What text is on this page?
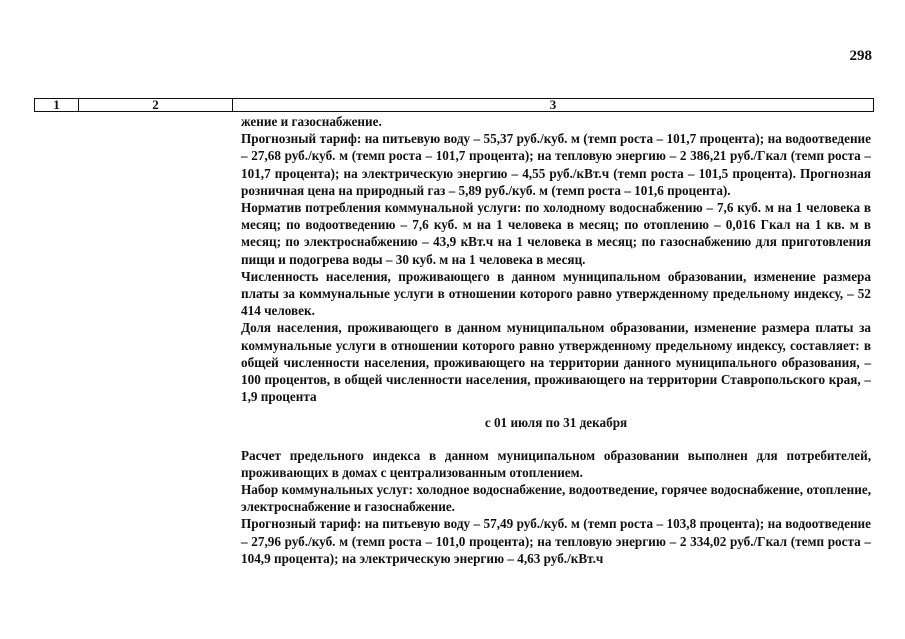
298
1	2	3

жение и газоснабжение.

Прогнозный тариф: на питьевую воду – 55,37 руб./куб. м (темп роста – 101,7 процента); на водоотведение – 27,68 руб./куб. м (темп роста – 101,7 процента); на тепловую энергию – 2 386,21 руб./Гкал (темп роста – 101,7 процента); на электрическую энергию – 4,55 руб./кВт.ч (темп роста – 101,5 процента). Прогнозная розничная цена на природный газ – 5,89 руб./куб. м (темп роста – 101,6 процента).

Норматив потребления коммунальной услуги: по холодному водоснабжению – 7,6 куб. м на 1 человека в месяц; по водоотведению – 7,6 куб. м на 1 человека в месяц; по отоплению – 0,016 Гкал на 1 кв. м в месяц; по электроснабжению – 43,9 кВт.ч на 1 человека в месяц; по газоснабжению для приготовления пищи и подогрева воды – 30 куб. м на 1 человека в месяц.

Численность населения, проживающего в данном муниципальном образовании, изменение размера платы за коммунальные услуги в отношении которого равно утвержденному предельному индексу, – 52 414 человек.

Доля населения, проживающего в данном муниципальном образовании, изменение размера платы за коммунальные услуги в отношении которого равно утвержденному предельному индексу, составляет: в общей численности населения, проживающего на территории данного муниципального образования, – 100 процентов, в общей численности населения, проживающего на территории Ставропольского края, – 1,9 процента

с 01 июля по 31 декабря

Расчет предельного индекса в данном муниципальном образовании выполнен для потребителей, проживающих в домах с централизованным отоплением.

Набор коммунальных услуг: холодное водоснабжение, водоотведение, горячее водоснабжение, отопление, электроснабжение и газоснабжение.

Прогнозный тариф: на питьевую воду – 57,49 руб./куб. м (темп роста – 103,8 процента); на водоотведение – 27,96 руб./куб. м (темп роста – 101,0 процента); на тепловую энергию – 2 334,02 руб./Гкал (темп роста – 104,9 процента); на электрическую энергию – 4,63 руб./кВт.ч
